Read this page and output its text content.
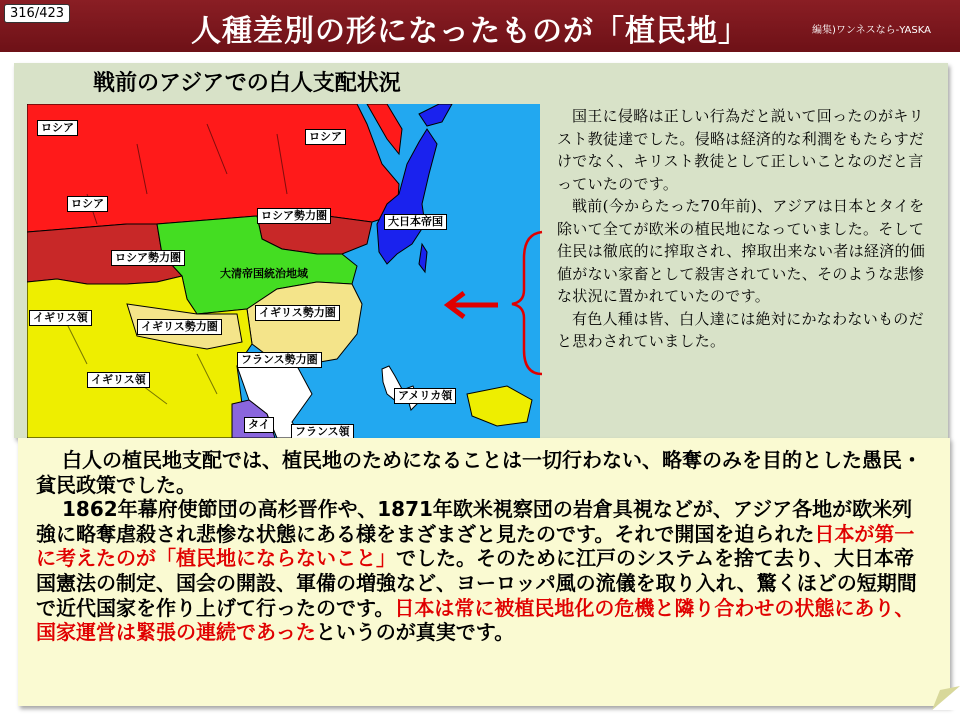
316/423
人種差別の形になったものが「植民地」	編集)ワンネスなら-YASKA
戦前のアジアでの白人支配状況
ロシア
ロシア
ロシア
ロシア勢力圏	大日本帝国
ロシア勢力圏
大清帝国統治地域
イギリス領	イギリス勢力圏
イギリス勢力圏
フランス勢力圏
イギリス領
アメリカ領
タイ
フランス領

国王に侵略は正しい行為だと説いて回ったのがキリスト教徒達でした。侵略は経済的な利潤をもたらすだけでなく、キリスト教徒として正しいことなのだと言っていたのです。

戦前(今からたった70年前)、アジアは日本とタイを除いて全てが欧米の植民地になっていました。そして住民は徹底的に搾取され、搾取出来ない者は経済的価値がない家畜として殺害されていた、そのような悲惨な状況に置かれていたのです。

有色人種は皆、白人達には絶対にかなわないものだと思わされていました。

白人の植民地支配では、植民地のためになることは一切行わない、略奪のみを目的とした愚民・貧民政策でした。

1862年幕府使節団の高杉晋作や、1871年欧米視察団の岩倉具視などが、アジア各地が欧米列強に略奪虐殺され悲惨な状態にある様をまざまざと見たのです。それで開国を迫られた日本が第一に考えたのが「植民地にならないこと」でした。そのために江戸のシステムを捨て去り、大日本帝国憲法の制定、国会の開設、軍備の増強など、ヨーロッパ風の流儀を取り入れ、驚くほどの短期間で近代国家を作り上げて行ったのです。日本は常に被植民地化の危機と隣り合わせの状態にあり、国家運営は緊張の連続であったというのが真実です。
